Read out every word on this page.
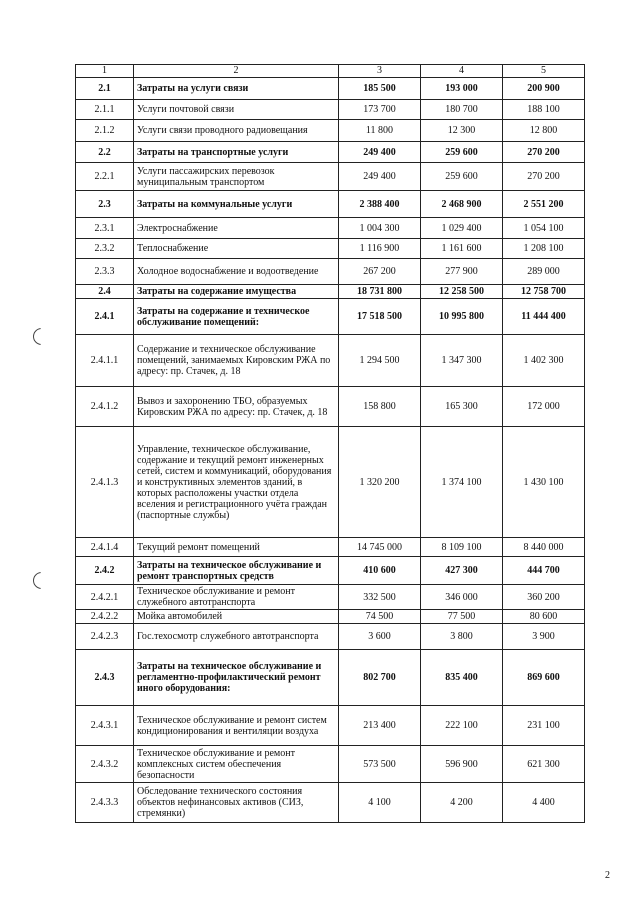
1	2	3	4	5
2.1	Затраты на услуги связи	185 500	193 000	200 900
2.1.1	Услуги почтовой связи	173 700	180 700	188 100
2.1.2	Услуги связи проводного радиовещания	11 800	12 300	12 800
2.2	Затраты на транспортные услуги	249 400	259 600	270 200
2.2.1	Услуги пассажирских перевозок муниципальным транспортом	249 400	259 600	270 200
2.3	Затраты на коммунальные услуги	2 388 400	2 468 900	2 551 200
2.3.1	Электроснабжение	1 004 300	1 029 400	1 054 100
2.3.2	Теплоснабжение	1 116 900	1 161 600	1 208 100
2.3.3	Холодное водоснабжение и водоотведение	267 200	277 900	289 000
2.4	Затраты на содержание имущества	18 731 800	12 258 500	12 758 700
2.4.1	Затраты на содержание и техническое обслуживание помещений:	17 518 500	10 995 800	11 444 400
2.4.1.1	Содержание и техническое обслуживание помещений, занимаемых Кировским РЖА по адресу: пр. Стачек, д. 18	1 294 500	1 347 300	1 402 300
2.4.1.2	Вывоз и захоронению ТБО, образуемых Кировским РЖА по адресу: пр. Стачек, д. 18	158 800	165 300	172 000
2.4.1.3	Управление, техническое обслуживание, содержание и текущий ремонт инженерных сетей, систем и коммуникаций, оборудования и конструктивных элементов зданий, в которых расположены участки отдела вселения и регистрационного учёта граждан (паспортные службы)	1 320 200	1 374 100	1 430 100
2.4.1.4	Текущий ремонт помещений	14 745 000	8 109 100	8 440 000
2.4.2	Затраты на техническое обслуживание и ремонт транспортных средств	410 600	427 300	444 700
2.4.2.1	Техническое обслуживание и ремонт служебного автотранспорта	332 500	346 000	360 200
2.4.2.2	Мойка автомобилей	74 500	77 500	80 600
2.4.2.3	Гос.техосмотр служебного автотранспорта	3 600	3 800	3 900
2.4.3	Затраты на техническое обслуживание и регламентно-профилактический ремонт иного оборудования:	802 700	835 400	869 600
2.4.3.1	Техническое обслуживание и ремонт систем кондиционирования и вентиляции воздуха	213 400	222 100	231 100
2.4.3.2	Техническое обслуживание и ремонт комплексных систем обеспечения безопасности	573 500	596 900	621 300
2.4.3.3	Обследование технического состояния объектов нефинансовых активов (СИЗ, стремянки)	4 100	4 200	4 400
2
